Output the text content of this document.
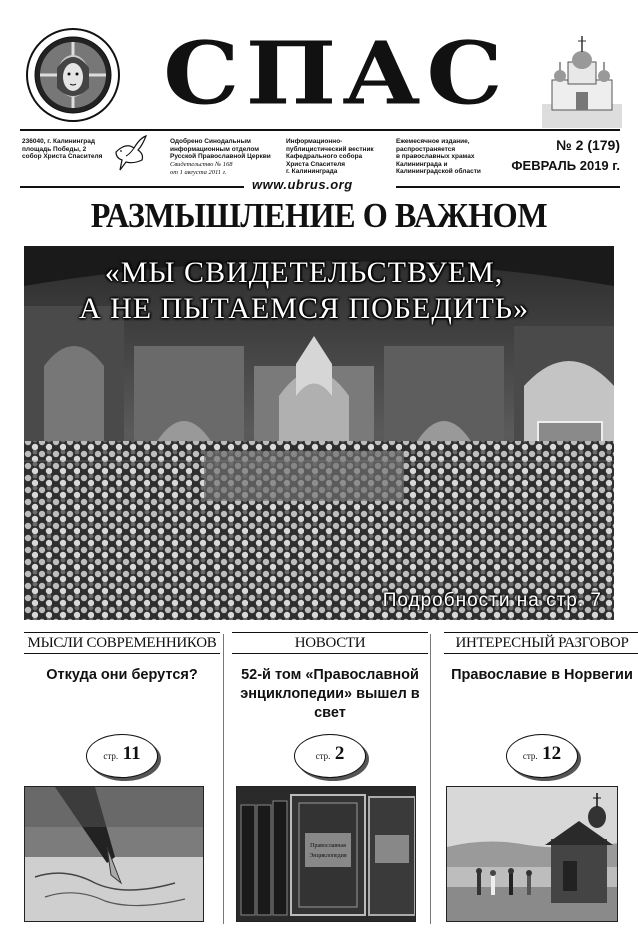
СПАС
236040, г. Калининград
площадь Победы, 2
собор Христа Спасителя
Одобрено Синодальным
информационным отделом
Русской Православной Церкви
Свидетельство № 168
от 1 августа 2011 г.
Информационно-
публицистический вестник
Кафедрального собора
Христа Спасителя
г. Калининграда
Ежемесячное издание,
распространяется
в православных храмах
Калининграда и
Калининградской области
№ 2 (179)
ФЕВРАЛЬ 2019 г.
www.ubrus.org
РАЗМЫШЛЕНИЕ О ВАЖНОМ
«МЫ СВИДЕТЕЛЬСТВУЕМ,
А НЕ ПЫТАЕМСЯ ПОБЕДИТЬ»
Подробности на стр. 7
МЫСЛИ СОВРЕМЕННИКОВ
Откуда они берутся?
стр. 11
НОВОСТИ
52-й том «Православной энциклопедии» вышел в свет
стр. 2
Православная
Энциклопедия
ИНТЕРЕСНЫЙ РАЗГОВОР
Православие в Норвегии
стр. 12
